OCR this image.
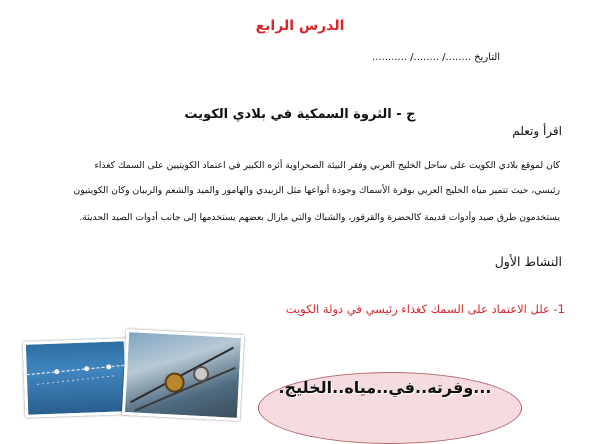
الدرس الرابع
التاريخ ......../ ......../ ...........
ج - الثروة السمكية في بلادي الكويت
اقرأ وتعلم
كان لموقع بلادي الكويت على ساحل الخليج العربي وفقر البيئة الصحراوية أثره الكبير في اعتماد الكويتيين على السمك كغذاء
رئيسي، حيث تتميز مياه الخليج العربي بوفرة الأسماك وجودة أنواعها مثل الزبيدي والهامور والميد والشعم والربيان وكان الكويتيون
يستخدمون طرق صيد وأدوات قديمة كالحضرة والقرقور، والشباك والتي مازال بعضهم يستخدمها إلى جانب أدوات الصيد الحديثة.
النشاط الأول
1- علل الاعتماد على السمك كغذاء رئيسي في دولة الكويت
...وفرته..في..مياه..الخليج.
